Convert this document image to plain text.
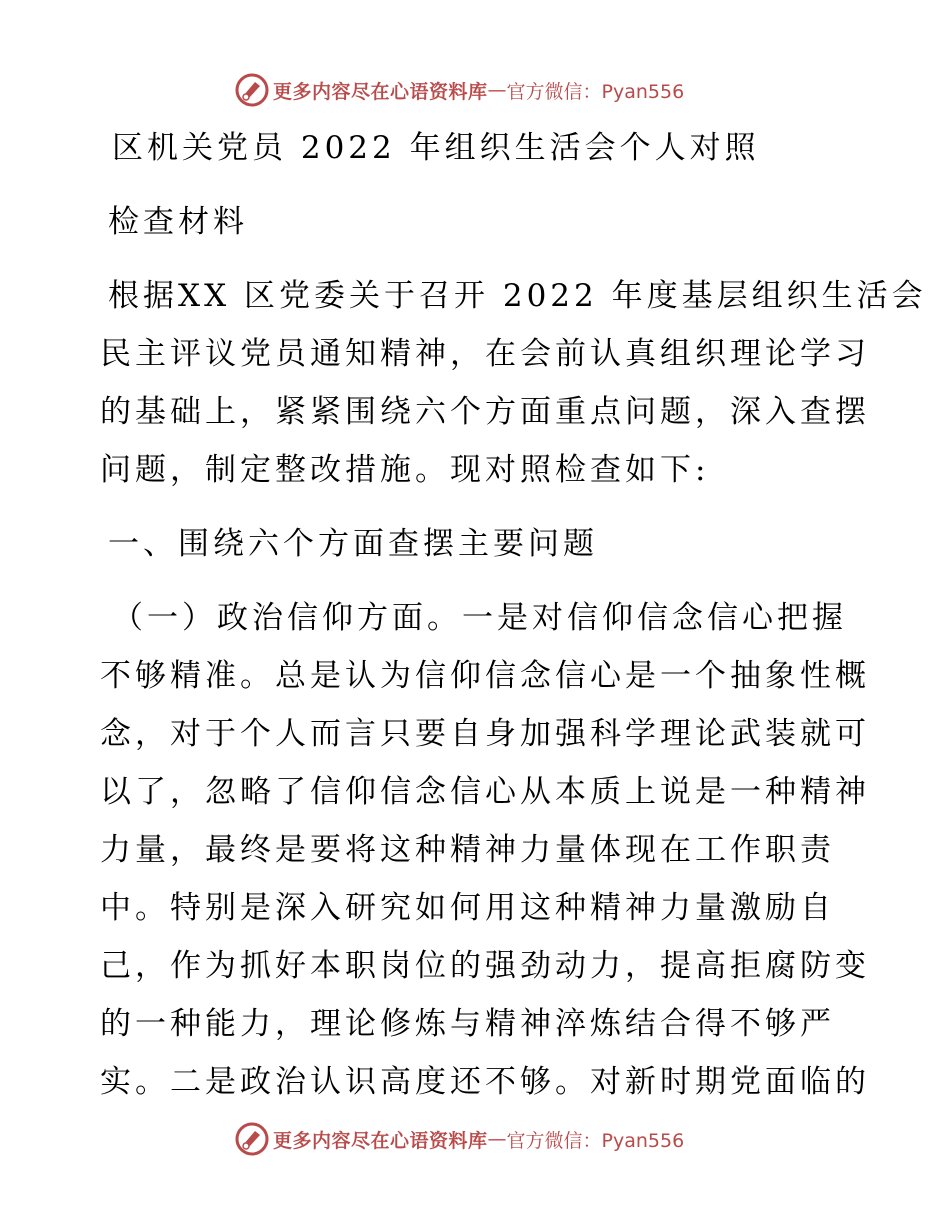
更多内容尽在心语资料库 — 官方微信：Pyan556
区机关党员 2022 年组织生活会个人对照
检查材料
根据XX 区党委关于召开 2022 年度基层组织生活会
民主评议党员通知精神，在会前认真组织理论学习
的基础上，紧紧围绕六个方面重点问题，深入查摆
问题，制定整改措施。现对照检查如下:
一、围绕六个方面查摆主要问题
（一）政治信仰方面。一是对信仰信念信心把握
不够精准。总是认为信仰信念信心是一个抽象性概
念，对于个人而言只要自身加强科学理论武装就可
以了，忽略了信仰信念信心从本质上说是一种精神
力量，最终是要将这种精神力量体现在工作职责
中。特别是深入研究如何用这种精神力量激励自
己，作为抓好本职岗位的强劲动力，提高拒腐防变
的一种能力，理论修炼与精神淬炼结合得不够严
实。二是政治认识高度还不够。对新时期党面临的
更多内容尽在心语资料库 — 官方微信：Pyan556
